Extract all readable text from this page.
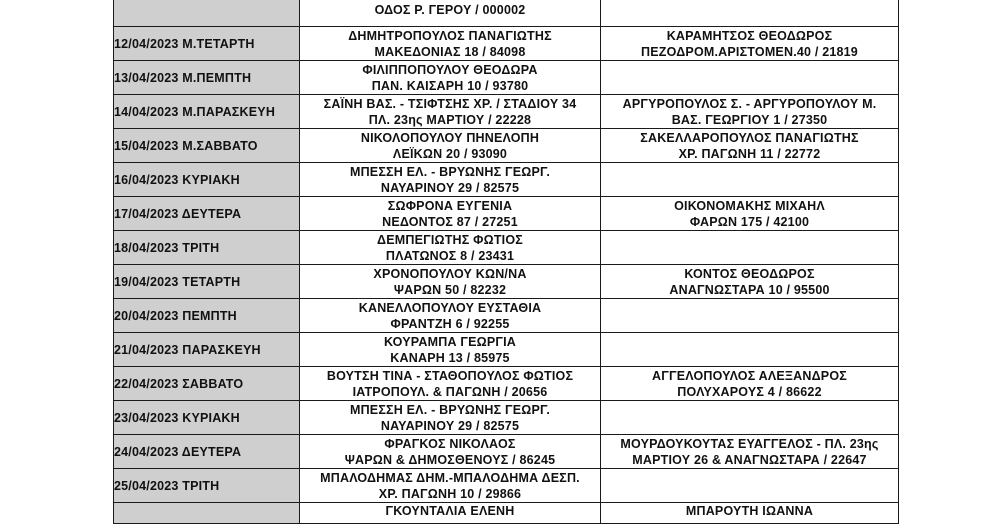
	ΟΔΟΣ Ρ. ΓΕΡΟΥ / 000002	

12/04/2023 Μ.ΤΕΤΑΡΤΗ	ΔΗΜΗΤΡΟΠΟΥΛΟΣ ΠΑΝΑΓΙΩΤΗΣ
ΜΑΚΕΔΟΝΙΑΣ 18 / 84098	ΚΑΡΑΜΗΤΣΟΣ ΘΕΟΔΩΡΟΣ
ΠΕΖΟΔΡΟΜ.ΑΡΙΣΤΟΜΕΝ.40 / 21819

13/04/2023 Μ.ΠΕΜΠΤΗ	ΦΙΛΙΠΠΟΠΟΥΛΟΥ ΘΕΟΔΩΡΑ
ΠΑΝ. ΚΑΙΣΑΡΗ 10 / 93780	

14/04/2023 Μ.ΠΑΡΑΣΚΕΥΗ	ΣΑΪΝΗ ΒΑΣ. - ΤΣΙΦΤΣΗΣ ΧΡ. / ΣΤΑΔΙΟΥ 34
ΠΛ. 23ης ΜΑΡΤΙΟΥ / 22228	ΑΡΓΥΡΟΠΟΥΛΟΣ Σ. - ΑΡΓΥΡΟΠΟΥΛΟΥ Μ.
ΒΑΣ. ΓΕΩΡΓΙΟΥ 1 / 27350

15/04/2023 Μ.ΣΑΒΒΑΤΟ	ΝΙΚΟΛΟΠΟΥΛΟΥ ΠΗΝΕΛΟΠΗ
ΛΕΪΚΩΝ 20 / 93090	ΣΑΚΕΛΛΑΡΟΠΟΥΛΟΣ ΠΑΝΑΓΙΩΤΗΣ
ΧΡ. ΠΑΓΩΝΗ 11 / 22772

16/04/2023 ΚΥΡΙΑΚΗ	ΜΠΕΣΣΗ ΕΛ. - ΒΡΥΩΝΗΣ ΓΕΩΡΓ.
ΝΑΥΑΡΙΝΟΥ 29 / 82575	

17/04/2023 ΔΕΥΤΕΡΑ	ΣΩΦΡΟΝΑ ΕΥΓΕΝΙΑ
ΝΕΔΟΝΤΟΣ 87 / 27251	ΟΙΚΟΝΟΜΑΚΗΣ ΜΙΧΑΗΛ
ΦΑΡΩΝ 175 / 42100

18/04/2023 ΤΡΙΤΗ	ΔΕΜΠΕΓΙΩΤΗΣ ΦΩΤΙΟΣ
ΠΛΑΤΩΝΟΣ 8 / 23431	

19/04/2023 ΤΕΤΑΡΤΗ	ΧΡΟΝΟΠΟΥΛΟΥ ΚΩΝ/ΝΑ
ΨΑΡΩΝ 50 / 82232	ΚΟΝΤΟΣ ΘΕΟΔΩΡΟΣ
ΑΝΑΓΝΩΣΤΑΡΑ 10 / 95500

20/04/2023 ΠΕΜΠΤΗ	ΚΑΝΕΛΛΟΠΟΥΛΟΥ ΕΥΣΤΑΘΙΑ
ΦΡΑΝΤΖΗ 6 / 92255	

21/04/2023 ΠΑΡΑΣΚΕΥΗ	ΚΟΥΡΑΜΠΑ ΓΕΩΡΓΙΑ
ΚΑΝΑΡΗ 13 / 85975	

22/04/2023 ΣΑΒΒΑΤΟ	ΒΟΥΤΣΗ ΤΙΝΑ - ΣΤΑΘΟΠΟΥΛΟΣ ΦΩΤΙΟΣ
ΙΑΤΡΟΠΟΥΛ. & ΠΑΓΩΝΗ / 20656	ΑΓΓΕΛΟΠΟΥΛΟΣ ΑΛΕΞΑΝΔΡΟΣ
ΠΟΛΥΧΑΡΟΥΣ 4 / 86622

23/04/2023 ΚΥΡΙΑΚΗ	ΜΠΕΣΣΗ ΕΛ. - ΒΡΥΩΝΗΣ ΓΕΩΡΓ.
ΝΑΥΑΡΙΝΟΥ 29 / 82575	

24/04/2023 ΔΕΥΤΕΡΑ	ΦΡΑΓΚΟΣ ΝΙΚΟΛΑΟΣ
ΨΑΡΩΝ & ΔΗΜΟΣΘΕΝΟΥΣ / 86245	ΜΟΥΡΔΟΥΚΟΥΤΑΣ ΕΥΑΓΓΕΛΟΣ - ΠΛ. 23ης
ΜΑΡΤΙΟΥ 26 & ΑΝΑΓΝΩΣΤΑΡΑ / 22647

25/04/2023 ΤΡΙΤΗ	ΜΠΑΛΟΔΗΜΑΣ ΔΗΜ.-ΜΠΑΛΟΔΗΜΑ ΔΕΣΠ.
ΧΡ. ΠΑΓΩΝΗ 10 / 29866	

	ΓΚΟΥΝΤΑΛΙΑ ΕΛΕΝΗ	ΜΠΑΡΟΥΤΗ ΙΩΑΝΝΑ
